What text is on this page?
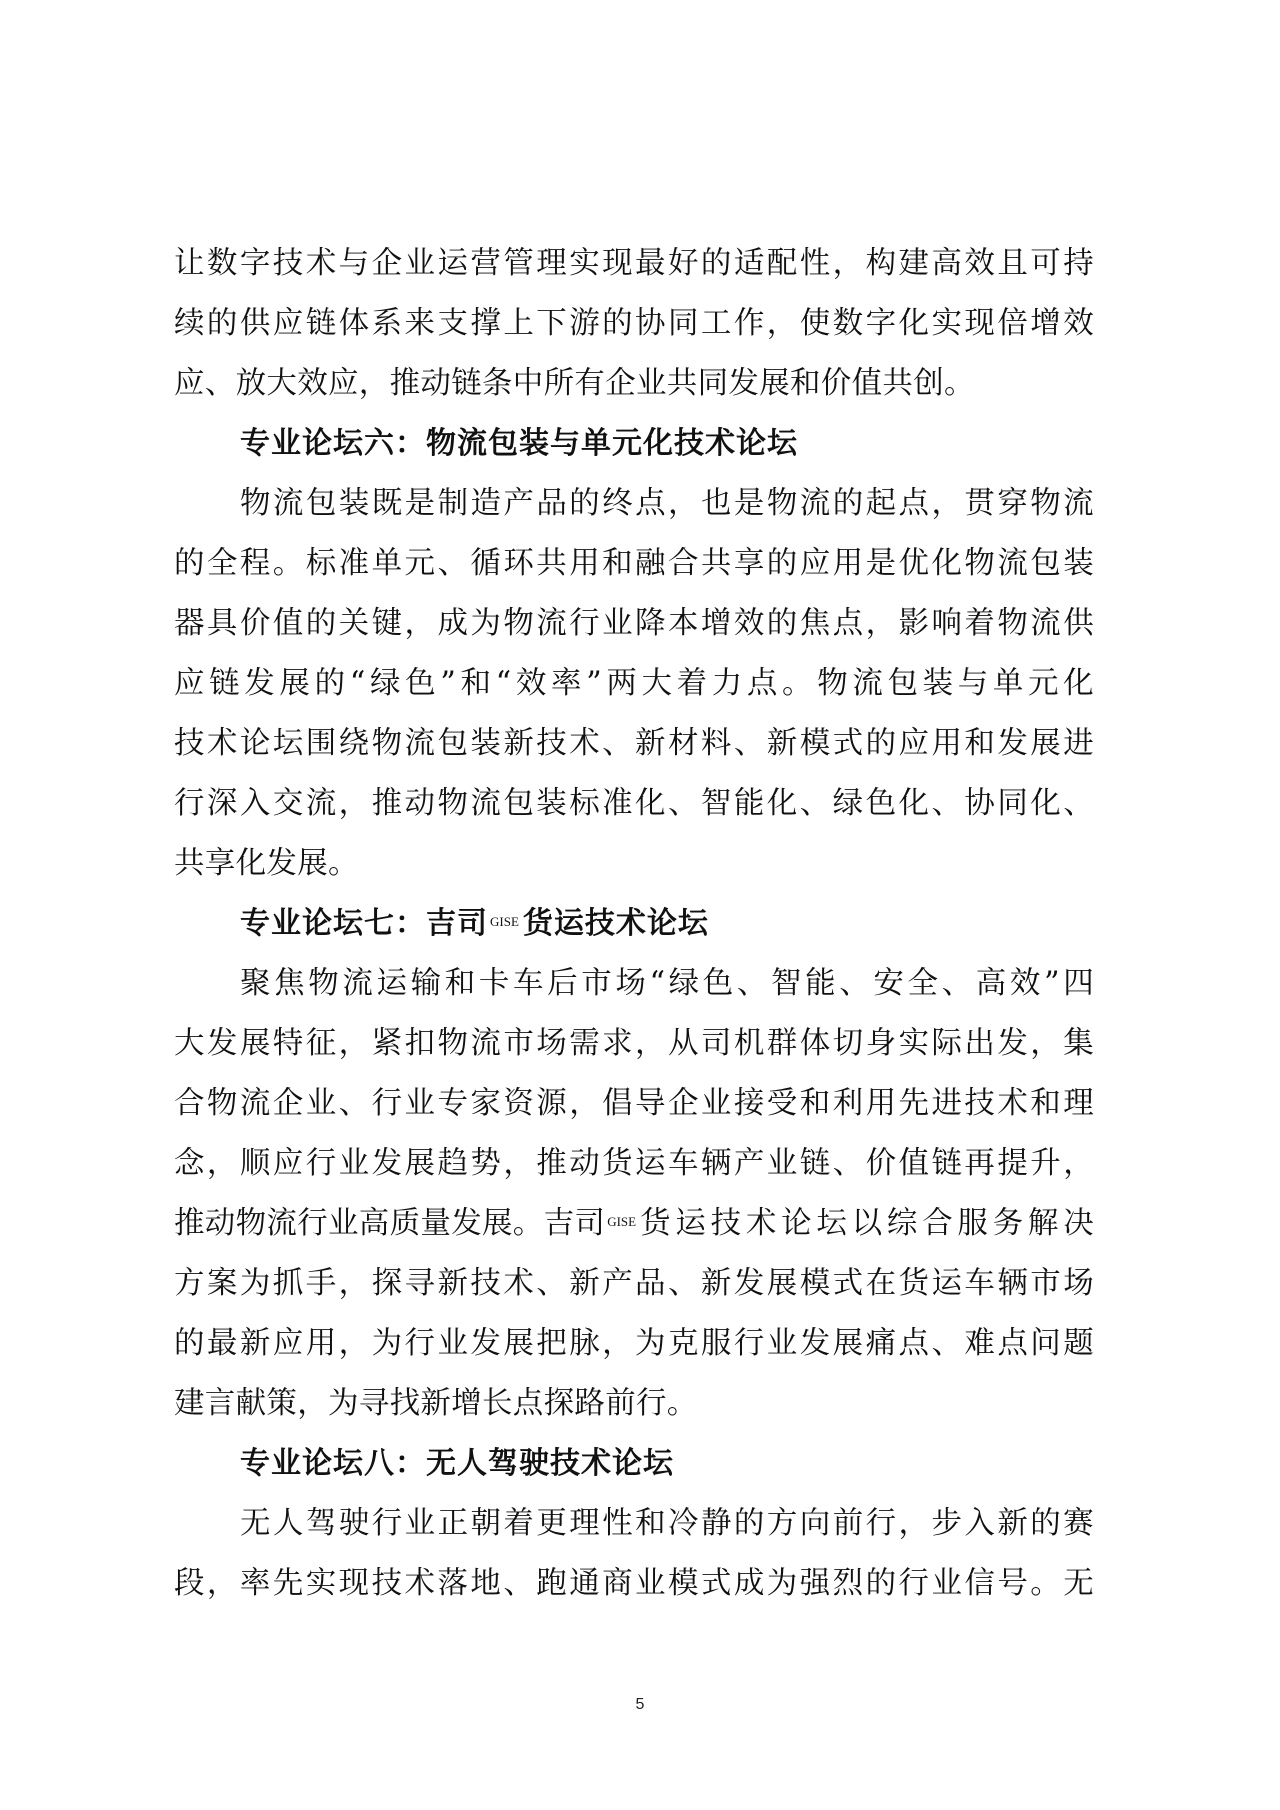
让数字技术与企业运营管理实现最好的适配性，构建高效且可持
续的供应链体系来支撑上下游的协同工作，使数字化实现倍增效
应、放大效应，推动链条中所有企业共同发展和价值共创。
专业论坛六：物流包装与单元化技术论坛
物流包装既是制造产品的终点，也是物流的起点，贯穿物流
的全程。标准单元、循环共用和融合共享的应用是优化物流包装
器具价值的关键，成为物流行业降本增效的焦点，影响着物流供
应链发展的“绿色”和“效率”两大着力点。物流包装与单元化
技术论坛围绕物流包装新技术、新材料、新模式的应用和发展进
行深入交流，推动物流包装标准化、智能化、绿色化、协同化、
共享化发展。
专业论坛七：吉司 $^{GISE}$ 货运技术论坛
聚焦物流运输和卡车后市场“绿色、智能、安全、高效”四
大发展特征，紧扣物流市场需求，从司机群体切身实际出发，集
合物流企业、行业专家资源，倡导企业接受和利用先进技术和理
念，顺应行业发展趋势，推动货运车辆产业链、价值链再提升，
推动物流行业高质量发展。吉司 $^{GISE}$ 货运技术论坛以综合服务解决
方案为抓手，探寻新技术、新产品、新发展模式在货运车辆市场
的最新应用，为行业发展把脉，为克服行业发展痛点、难点问题
建言献策，为寻找新增长点探路前行。
专业论坛八：无人驾驶技术论坛
无人驾驶行业正朝着更理性和冷静的方向前行，步入新的赛
段，率先实现技术落地、跑通商业模式成为强烈的行业信号。无
5
